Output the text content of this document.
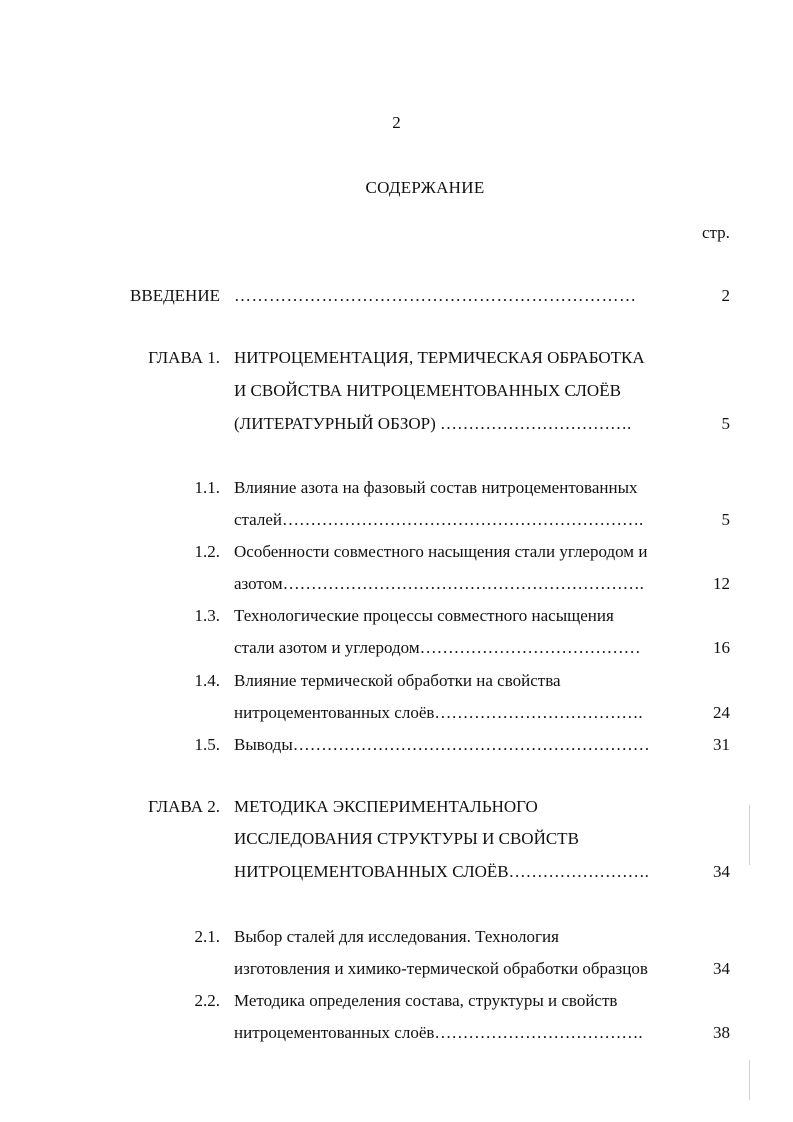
2
СОДЕРЖАНИЕ
стр.
ВВЕДЕНИЕ ……………………………………………………………	2
ГЛАВА 1. НИТРОЦЕМЕНТАЦИЯ, ТЕРМИЧЕСКАЯ ОБРАБОТКА
И СВОЙСТВА НИТРОЦЕМЕНТОВАННЫХ СЛОЁВ
(ЛИТЕРАТУРНЫЙ ОБЗОР) …………………………….	5
1.1. Влияние азота на фазовый состав нитроцементованных
сталей……………………………………………………….	5
1.2. Особенности совместного насыщения стали углеродом и
азотом……………………………………………………….	12
1.3. Технологические процессы совместного насыщения
стали азотом и углеродом…………………………………	16
1.4. Влияние термической обработки на свойства
нитроцементованных слоёв……………………………….	24
1.5. Выводы………………………………………………………	31
ГЛАВА 2. МЕТОДИКА ЭКСПЕРИМЕНТАЛЬНОГО
ИССЛЕДОВАНИЯ СТРУКТУРЫ И СВОЙСТВ
НИТРОЦЕМЕНТОВАННЫХ СЛОЁВ…………………….	34
2.1. Выбор сталей для исследования. Технология
изготовления и химико-термической обработки образцов	34
2.2. Методика определения состава, структуры и свойств
нитроцементованных слоёв……………………………….	38
